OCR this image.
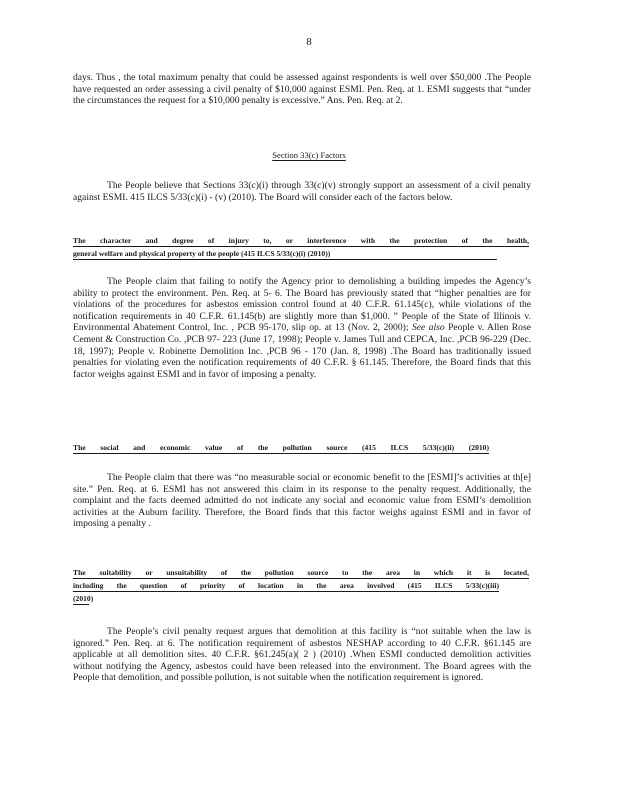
8

days. Thus , the total maximum penalty that could be assessed against respondents is well over $50,000 .The People have requested an order assessing a civil penalty of $10,000 against ESMI. Pen. Req. at 1. ESMI suggests that “under the circumstances the request for a $10,000 penalty is excessive.” Ans. Pen. Req. at 2.

Section 33(c) Factors

The People believe that Sections 33(c)(i) through 33(c)(v) strongly support an assessment of a civil penalty against ESMI. 415 ILCS 5/33(c)(i) - (v) (2010). The Board will consider each of the factors below.

The character and degree of injury to, or interference with the protection of the health,

general welfare and physical property of the people (415 ILCS 5/33(c)(i) (2010))

The People claim that failing to notify the Agency prior to demolishing a building impedes the Agency’s ability to protect the environment. Pen. Req. at 5- 6. The Board has previously stated that “higher penalties are for violations of the procedures for asbestos emission control found at 40 C.F.R. 61.145(c), while violations of the notification requirements in 40 C.F.R. 61.145(b) are slightly more than $1,000. ” People of the State of Illinois v. Environmental Abatement Control, Inc. , PCB 95-170, slip op. at 13 (Nov. 2, 2000); See also People v. Allen Rose Cement & Construction Co. ,PCB 97- 223 (June 17, 1998); People v. James Tull and CEPCA, Inc. ,PCB 96-229 (Dec. 18, 1997); People v. Robinette Demolition Inc. ,PCB 96 - 170 (Jan. 8, 1998) .The Board has traditionally issued penalties for violating even the notification requirements of 40 C.F.R. § 61.145. Therefore, the Board finds that this factor weighs against ESMI and in favor of imposing a penalty.

The social and economic value of the pollution source (415 ILCS 5/33(c)(ii) (2010)

The People claim that there was “no measurable social or economic benefit to the [ESMI]’s activities at th[e] site.” Pen. Req. at 6. ESMI has not answered this claim in its response to the penalty request. Additionally, the complaint and the facts deemed admitted do not indicate any social and economic value from ESMI’s demolition activities at the Auburn facility. Therefore, the Board finds that this factor weighs against ESMI and in favor of imposing a penalty .

The suitability or unsuitability of the pollution source to the area in which it is located,

including the question of priority of location in the area involved (415 ILCS 5/33(c)(iii)

(2010)

The People’s civil penalty request argues that demolition at this facility is “not suitable when the law is ignored.” Pen. Req. at 6. The notification requirement of asbestos NESHAP according to 40 C.F.R. §61.145 are applicable at all demolition sites. 40 C.F.R. §61.245(a)( 2 ) (2010) .When ESMI conducted demolition activities without notifying the Agency, asbestos could have been released into the environment. The Board agrees with the People that demolition, and possible pollution, is not suitable when the notification requirement is ignored.
